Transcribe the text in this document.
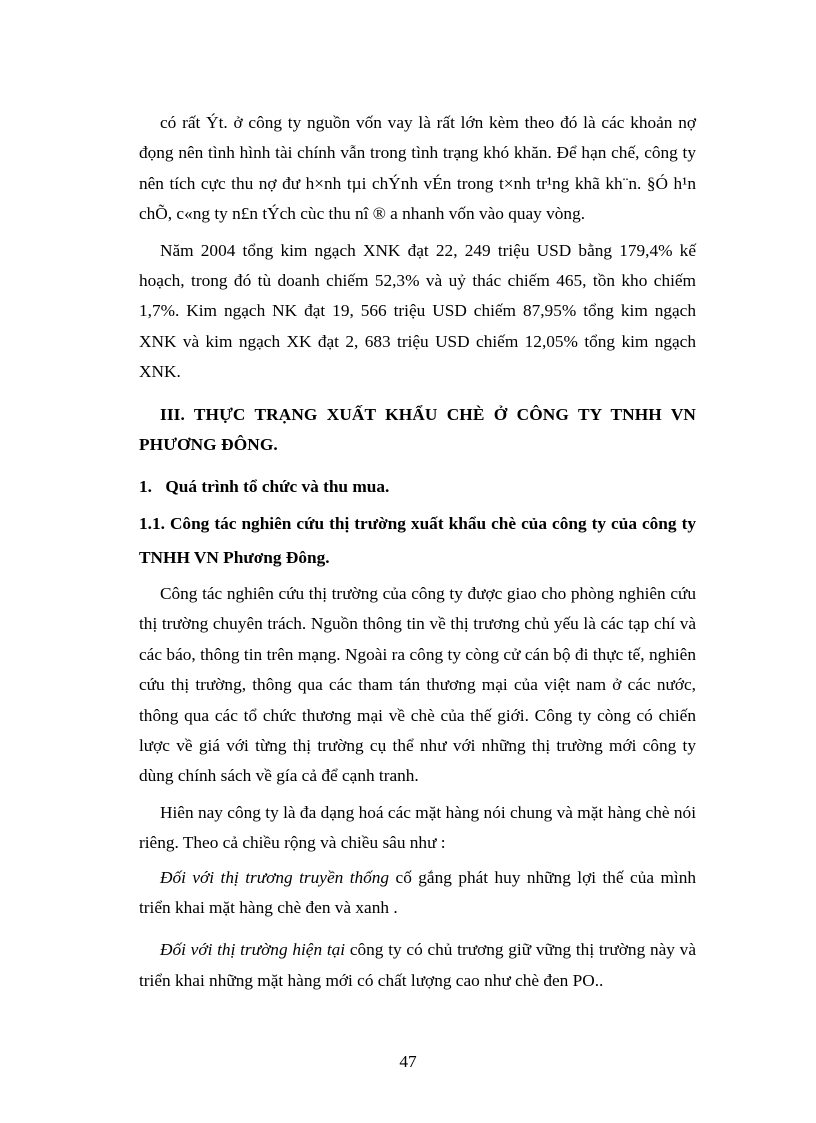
có rất Ýt. ở công ty nguồn vốn vay là rất lớn kèm theo đó là các khoản nợ đọng nên tình hình tài chính vẫn trong tình trạng khó khăn. Để hạn chế, công ty nên tích cực thu nợ đư h×nh tµi chÝnh vÉn trong t×nh tr¹ng khã kh¨n. §Ó h¹n chÕ, c«ng ty n£n tÝch cùc thu nî ® a nhanh vốn vào quay vòng.

Năm 2004 tổng kim ngạch XNK đạt 22, 249 triệu USD bằng 179,4% kế hoạch, trong đó tù doanh chiếm 52,3% và uỷ thác chiếm 465, tồn kho chiếm 1,7%. Kim ngạch NK đạt 19, 566 triệu USD chiếm 87,95% tổng kim ngạch XNK và kim ngạch XK đạt 2, 683 triệu USD chiếm 12,05% tổng kim ngạch XNK.

III. THỰC TRẠNG XUẤT KHẨU CHÈ Ở CÔNG TY TNHH VN PHƯƠNG ĐÔNG.

1. Quá trình tổ chức và thu mua.

1.1. Công tác nghiên cứu thị trường xuất khẩu chè của công ty của công ty TNHH VN Phương Đông.

Công tác nghiên cứu thị trường của công ty được giao cho phòng nghiên cứu thị trường chuyên trách. Nguồn thông tin về thị trương chủ yếu là các tạp chí và các báo, thông tin trên mạng. Ngoài ra công ty còng cử cán bộ đi thực tế, nghiên cứu thị trường, thông qua các tham tán thương mại của việt nam ở các nước, thông qua các tổ chức thương mại về chè của thế giới. Công ty còng có chiến lược về giá với từng thị trường cụ thể như với những thị trường mới công ty dùng chính sách về gía cả để cạnh tranh.

Hiên nay công ty là đa dạng hoá các mặt hàng nói chung và mặt hàng chè nói riêng. Theo cả chiều rộng và chiều sâu như :

Đối với thị trương truyền thống cố gắng phát huy những lợi thế của mình triển khai mặt hàng chè đen và xanh .

Đối với thị trường hiện tại công ty có chủ trương giữ vững thị trường này và triển khai những mặt hàng mới có chất lượng cao như chè đen PO..

47
